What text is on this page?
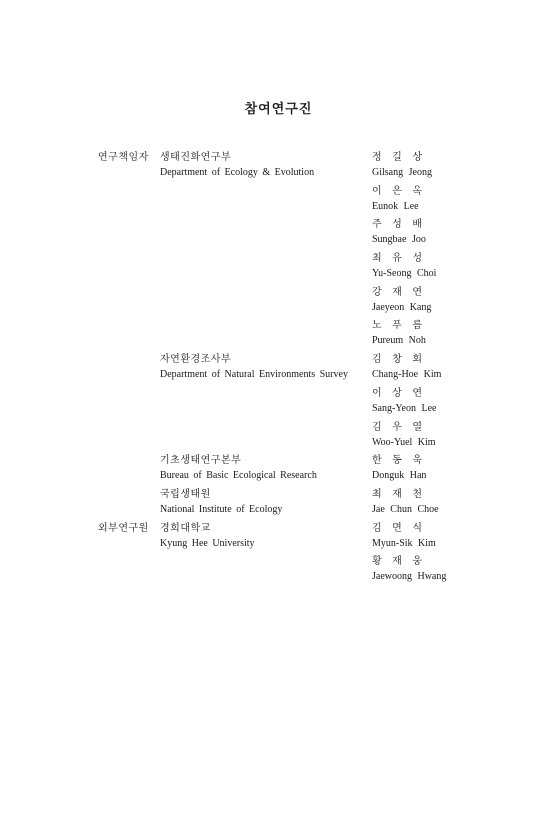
참여연구진
연구책임자 생태진화연구부
Department of Ecology & Evolution
정 길 상
Gilsang Jeong
이 은 옥
Eunok Lee
주 성 배
Sungbae Joo
최 유 성
Yu-Seong Choi
강 재 연
Jaeyeon Kang
노 푸 름
Pureum Noh
자연환경조사부
Department of Natural Environments Survey
김 창 회
Chang-Hoe Kim
이 상 연
Sang-Yeon Lee
김 우 열
Woo-Yuel Kim
기초생태연구본부
Bureau of Basic Ecological Research
한 동 욱
Donguk Han
국립생태원
National Institute of Ecology
최 재 천
Jae Chun Choe
외부연구원 경희대학교
Kyung Hee University
김 면 식
Myun-Sik Kim
황 재 웅
Jaewoong Hwang
